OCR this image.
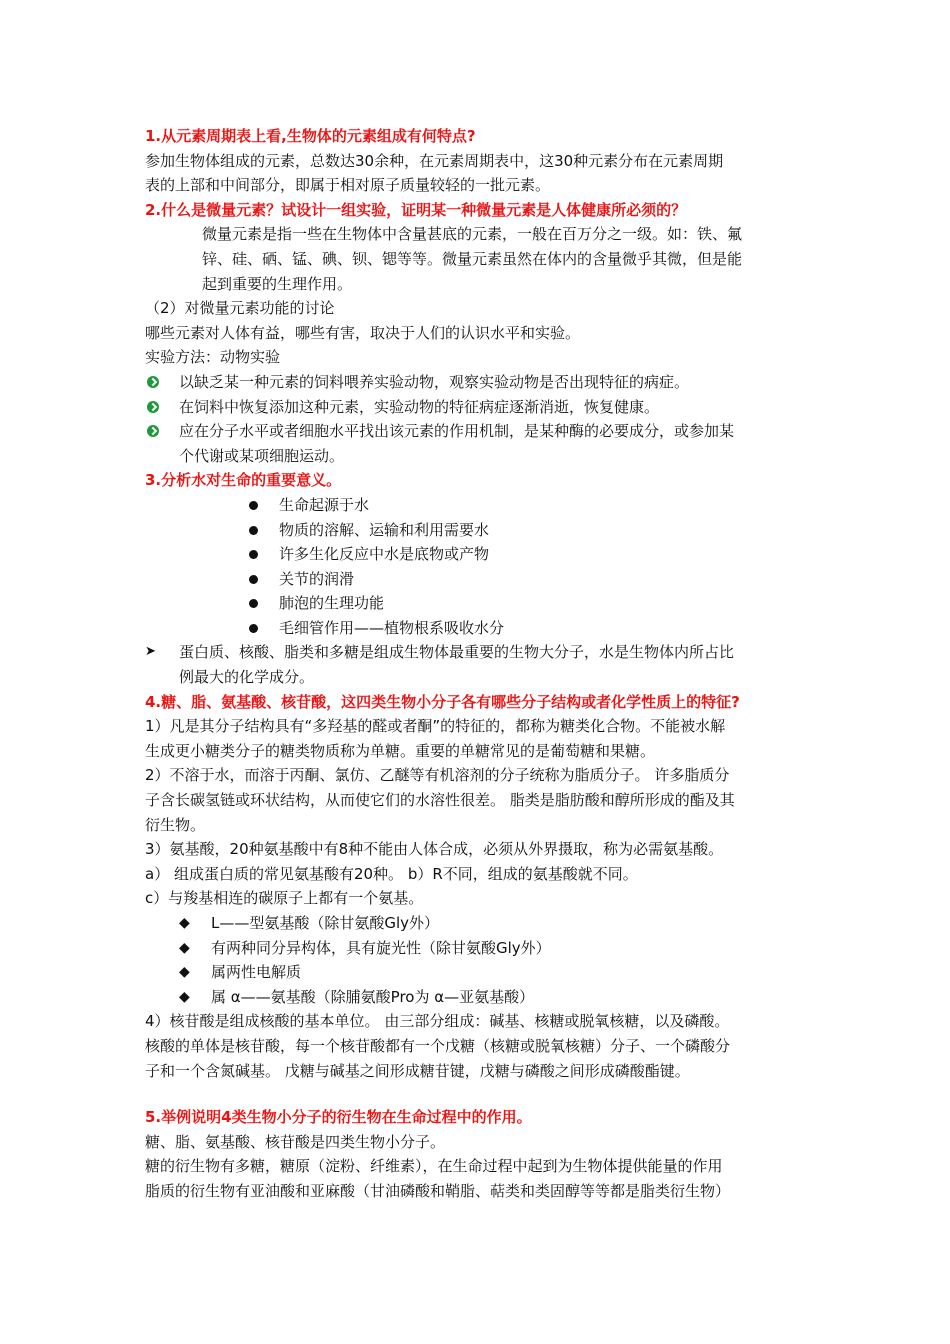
1.从元素周期表上看,生物体的元素组成有何特点?
参加生物体组成的元素，总数达30余种，在元素周期表中，这30种元素分布在元素周期
表的上部和中间部分，即属于相对原子质量较轻的一批元素。
2.什么是微量元素？试设计一组实验，证明某一种微量元素是人体健康所必须的？
微量元素是指一些在生物体中含量甚底的元素，一般在百万分之一级。如：铁、氟
锌、硅、硒、锰、碘、钡、锶等等。微量元素虽然在体内的含量微乎其微，但是能
起到重要的生理作用。
（2）对微量元素功能的讨论
哪些元素对人体有益，哪些有害，取决于人们的认识水平和实验。
实验方法：动物实验
以缺乏某一种元素的饲料喂养实验动物，观察实验动物是否出现特征的病症。
在饲料中恢复添加这种元素，实验动物的特征病症逐渐消逝，恢复健康。
应在分子水平或者细胞水平找出该元素的作用机制，是某种酶的必要成分，或参加某
个代谢或某项细胞运动。
3.分析水对生命的重要意义。
生命起源于水
物质的溶解、运输和利用需要水
许多生化反应中水是底物或产物
关节的润滑
肺泡的生理功能
毛细管作用——植物根系吸收水分
➤ 蛋白质、核酸、脂类和多糖是组成生物体最重要的生物大分子，水是生物体内所占比
例最大的化学成分。
4.糖、脂、氨基酸、核苷酸，这四类生物小分子各有哪些分子结构或者化学性质上的特征?
1）凡是其分子结构具有“多羟基的醛或者酮”的特征的，都称为糖类化合物。不能被水解
生成更小糖类分子的糖类物质称为单糖。重要的单糖常见的是葡萄糖和果糖。
2）不溶于水，而溶于丙酮、氯仿、乙醚等有机溶剂的分子统称为脂质分子。 许多脂质分
子含长碳氢链或环状结构，从而使它们的水溶性很差。 脂类是脂肪酸和醇所形成的酯及其
衍生物。
3）氨基酸，20种氨基酸中有8种不能由人体合成，必须从外界摄取，称为必需氨基酸。
a） 组成蛋白质的常见氨基酸有20种。 b）R不同，组成的氨基酸就不同。
c）与羧基相连的碳原子上都有一个氨基。
◆ L——型氨基酸（除甘氨酸Gly外）
◆ 有两种同分异构体，具有旋光性（除甘氨酸Gly外）
◆ 属两性电解质
◆ 属 α——氨基酸（除脯氨酸Pro为 α—亚氨基酸）
4）核苷酸是组成核酸的基本单位。 由三部分组成：碱基、核糖或脱氧核糖，以及磷酸。
核酸的单体是核苷酸，每一个核苷酸都有一个戊糖（核糖或脱氧核糖）分子、一个磷酸分
子和一个含氮碱基。 戊糖与碱基之间形成糖苷键，戊糖与磷酸之间形成磷酸酯键。
5.举例说明4类生物小分子的衍生物在生命过程中的作用。
糖、脂、氨基酸、核苷酸是四类生物小分子。
糖的衍生物有多糖，糖原（淀粉、纤维素），在生命过程中起到为生物体提供能量的作用
脂质的衍生物有亚油酸和亚麻酸（甘油磷酸和鞘脂、萜类和类固醇等等都是脂类衍生物）
